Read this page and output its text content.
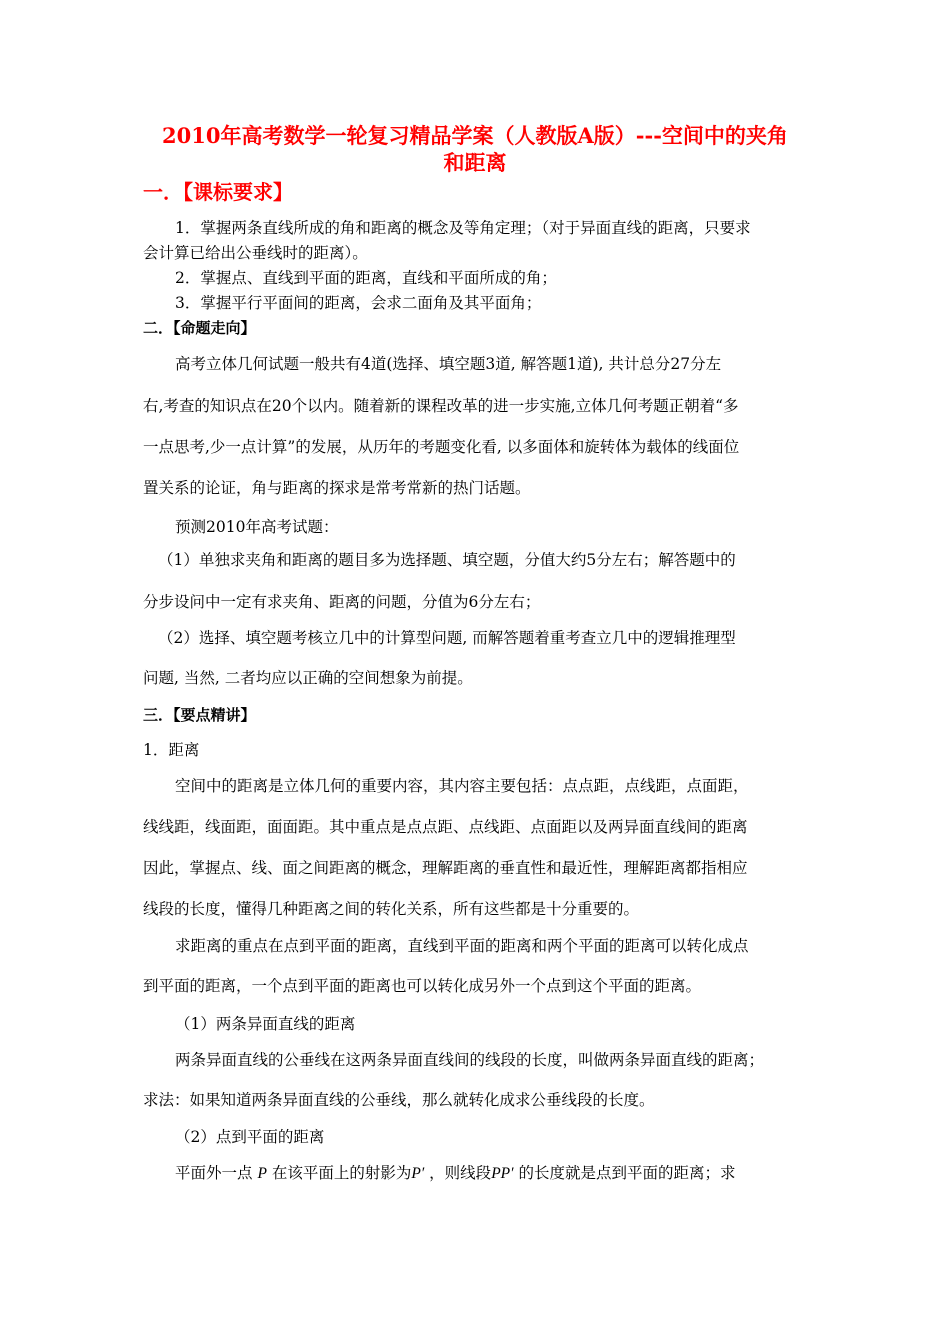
2010年高考数学一轮复习精品学案（人教版A版）---空间中的夹角
和距离
一．【课标要求】
1．掌握两条直线所成的角和距离的概念及等角定理；（对于异面直线的距离，只要求
会计算已给出公垂线时的距离）。
2．掌握点、直线到平面的距离，直线和平面所成的角；
3．掌握平行平面间的距离，会求二面角及其平面角；
二．【命题走向】
高考立体几何试题一般共有4道(选择、填空题3道, 解答题1道), 共计总分27分左
右,考查的知识点在20个以内。随着新的课程改革的进一步实施,立体几何考题正朝着“多
一点思考,少一点计算”的发展，从历年的考题变化看, 以多面体和旋转体为载体的线面位
置关系的论证，角与距离的探求是常考常新的热门话题。
预测2010年高考试题：
（1）单独求夹角和距离的题目多为选择题、填空题，分值大约5分左右；解答题中的
分步设问中一定有求夹角、距离的问题，分值为6分左右；
（2）选择、填空题考核立几中的计算型问题, 而解答题着重考查立几中的逻辑推理型
问题, 当然, 二者均应以正确的空间想象为前提。
三．【要点精讲】
1．距离
空间中的距离是立体几何的重要内容，其内容主要包括：点点距，点线距，点面距，
线线距，线面距，面面距。其中重点是点点距、点线距、点面距以及两异面直线间的距离
因此，掌握点、线、面之间距离的概念，理解距离的垂直性和最近性，理解距离都指相应
线段的长度，懂得几种距离之间的转化关系，所有这些都是十分重要的。
求距离的重点在点到平面的距离，直线到平面的距离和两个平面的距离可以转化成点
到平面的距离，一个点到平面的距离也可以转化成另外一个点到这个平面的距离。
（1）两条异面直线的距离
两条异面直线的公垂线在这两条异面直线间的线段的长度，叫做两条异面直线的距离；
求法：如果知道两条异面直线的公垂线，那么就转化成求公垂线段的长度。
（2）点到平面的距离
平面外一点 P 在该平面上的射影为P′ ，则线段PP′ 的长度就是点到平面的距离；求
